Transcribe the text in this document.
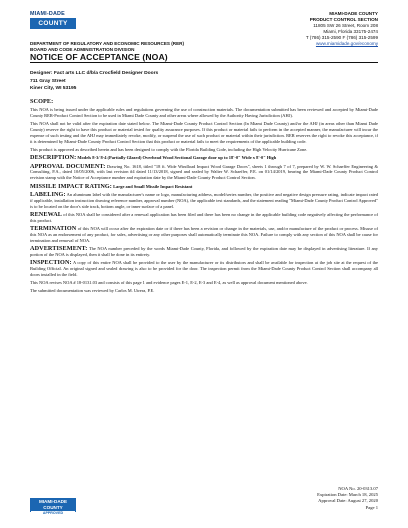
MIAMI-DADE
COUNTY
MIAMI-DADE COUNTY
PRODUCT CONTROL SECTION
11805 SW 26 Street, Room 208
Miami, Florida 33175-2474
T (786) 315-2590 F (786) 315-2599
www.miamidade.gov/economy
DEPARTMENT OF REGULATORY AND ECONOMIC RESOURCES (RER)
BOARD AND CODE ADMINISTRATION DIVISION
NOTICE OF ACCEPTANCE (NOA)
Designer: Fact arts LLC d/b/a Crocfield Designer Doors
711 Gray Street
Kiner City, WI 53195

SCOPE:

This NOA is being issued under the applicable rules and regulations governing the use of construction materials. The documentation submitted has been reviewed and accepted by Miami-Dade County RER-Product Control Section to be used in Miami Dade County and other areas where allowed by the Authority Having Jurisdiction (AHJ).

This NOA shall not be valid after the expiration date stated below. The Miami-Dade County Product Control Section (In Miami Dade County) and/or the AHJ (in areas other than Miami Dade County) reserve the right to have this product or material tested for quality assurance purposes. If this product or material fails to perform in the accepted manner, the manufacturer will incur the expense of such testing and the AHJ may immediately revoke, modify, or suspend the use of such product or material within their jurisdiction. RER reserves the right to revoke this acceptance, if it is determined by Miami-Dade County Product Control Section that this product or material fails to meet the requirements of the applicable building code.

This product is approved as described herein and has been designed to comply with the Florida Building Code, including the High Velocity Hurricane Zone.

DESCRIPTION: Models 8-3/ 8-4 (Partially Glazed) Overhead Wood Sectional Garage door up to 18'-0" Wide x 8'-0" High

APPROVAL DOCUMENT: Drawing No. 1618, titled "18 ft. Wide Windload Impact Wood Garage Doors", sheets 1 through 7 of 7, prepared by W. W. Schaeffer Engineering & Consulting, P.A., dated 10/05/2006, with last revision #4 dated 11/13/2018, signed and sealed by Walter W. Schaeffer, P.E. on 01/14/2019, bearing the Miami-Dade County Product Control revision stamp with the Notice of Acceptance number and expiration date by the Miami-Dade County Product Control Section.

MISSILE IMPACT RATING: Large and Small Missile Impact Resistant

LABELING: An aluminum label with the manufacturer's name or logo, manufacturing address, model/series number, the positive and negative design pressure rating, indicate impact rated if applicable, installation instruction drawing reference number, approval number (NOA), the applicable test standards, and the statement reading "Miami-Dade County Product Control Approved" is to be located on the door's side track, bottom angle, or inner surface of a panel.

RENEWAL of this NOA shall be considered after a renewal application has been filed and there has been no change in the applicable building code negatively affecting the performance of this product.

TERMINATION of this NOA will occur after the expiration date or if there has been a revision or change in the materials, use, and/or manufacture of the product or process. Misuse of this NOA as an endorsement of any product, for sales, advertising or any other purposes shall automatically terminate this NOA. Failure to comply with any section of this NOA shall be cause for termination and removal of NOA.

ADVERTISEMENT: The NOA number preceded by the words Miami-Dade County, Florida, and followed by the expiration date may be displayed in advertising literature. If any portion of the NOA is displayed, then it shall be done in its entirety.

INSPECTION: A copy of this entire NOA shall be provided to the user by the manufacturer or its distributors and shall be available for inspection at the job site at the request of the Building Official. An original signed and sealed drawing is also to be provided for the door. The inspection permit from the Miami-Dade County Product Control Section shall accompany all doors installed in the field.

This NOA revises NOA # 18-0131.03 and consists of this page 1 and evidence pages E-1, E-2, E-3 and E-4, as well as approval document mentioned above.

The submitted documentation was reviewed by Carlos M. Utrera, P.E.

MIAMI-DADE COUNTY
APPROVED
NOA No. 20-0313.07
Expiration Date: March 18, 2025
Approval Date: August 27, 2020
Page 1
